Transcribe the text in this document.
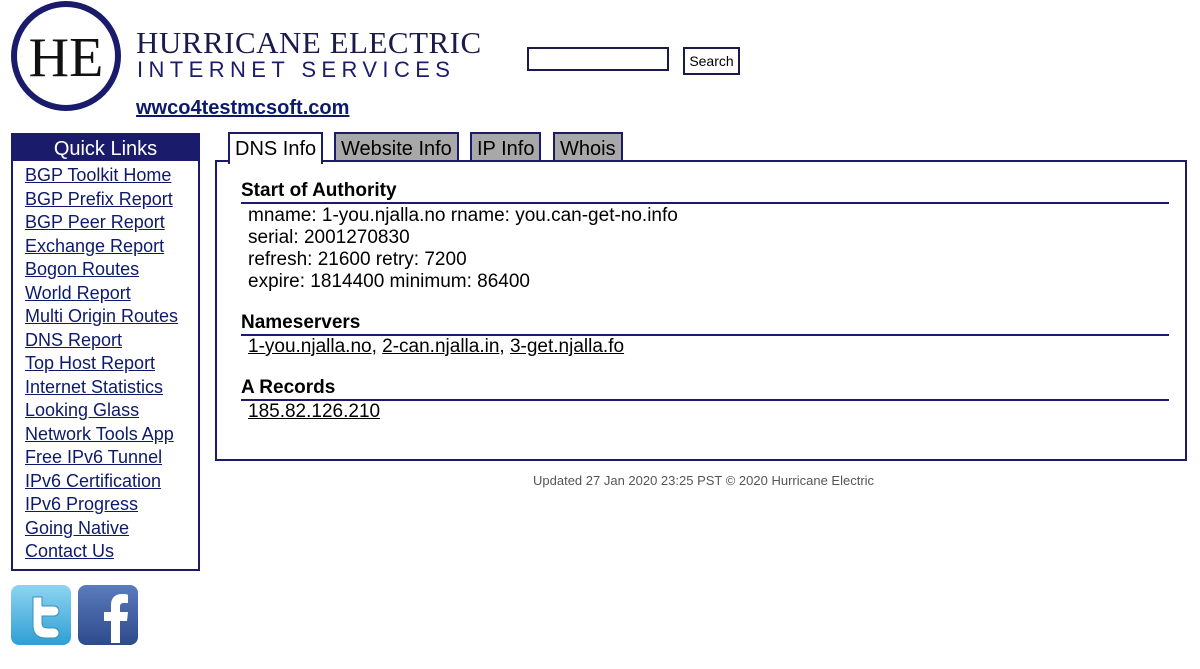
HE HURRICANE ELECTRIC
INTERNET SERVICES	Search
wwco4testmcsoft.com
Quick Links
BGP Toolkit Home
BGP Prefix Report
BGP Peer Report
Exchange Report
Bogon Routes
World Report
Multi Origin Routes
DNS Report
Top Host Report
Internet Statistics
Looking Glass
Network Tools App
Free IPv6 Tunnel
IPv6 Certification
IPv6 Progress
Going Native
Contact Us
DNS Info	Website Info	IP Info	Whois
Start of Authority
mname: 1-you.njalla.no rname: you.can-get-no.info
serial: 2001270830
refresh: 21600 retry: 7200
expire: 1814400 minimum: 86400
Nameservers
1-you.njalla.no, 2-can.njalla.in, 3-get.njalla.fo
A Records
185.82.126.210
Updated 27 Jan 2020 23:25 PST © 2020 Hurricane Electric
